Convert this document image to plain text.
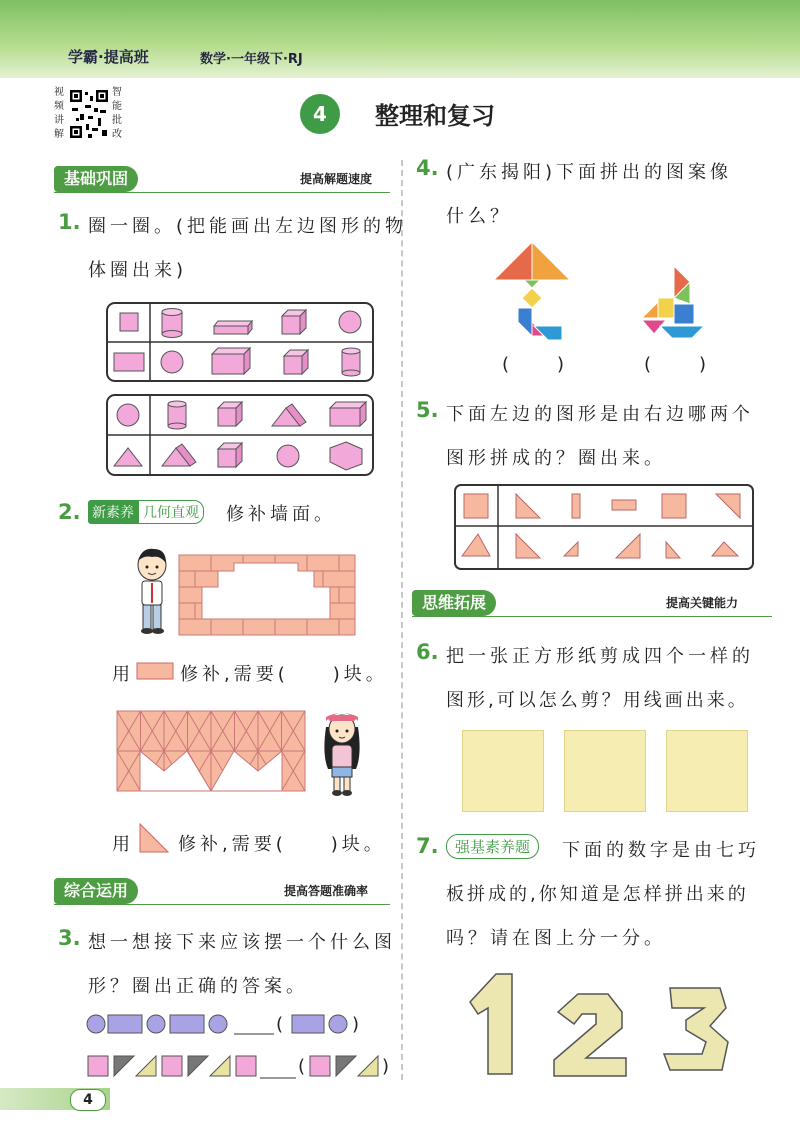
学霸·提高班	数学·一年级下·RJ
视
频
讲
解
智
能
批
改
4	整理和复习
基础巩固	提高解题速度
1. 圈一圈。(把能画出左边图形的物
体圈出来)
2. 新素养 几何直观 修补墙面。
用	修补,需要(　　)块。
用 修补,需要(　　)块。
综合运用	提高答题准确率
3. 想一想接下来应该摆一个什么图
形？圈出正确的答案。
(	)
(	)
4. (广东揭阳)下面拼出的图案像
什么？
(　　)	(　　)
5. 下面左边的图形是由右边哪两个
图形拼成的？圈出来。
思维拓展	提高关键能力
6. 把一张正方形纸剪成四个一样的
图形,可以怎么剪？用线画出来。
7.	强基素养题	下面的数字是由七巧
板拼成的,你知道是怎样拼出来的
吗？请在图上分一分。
4
